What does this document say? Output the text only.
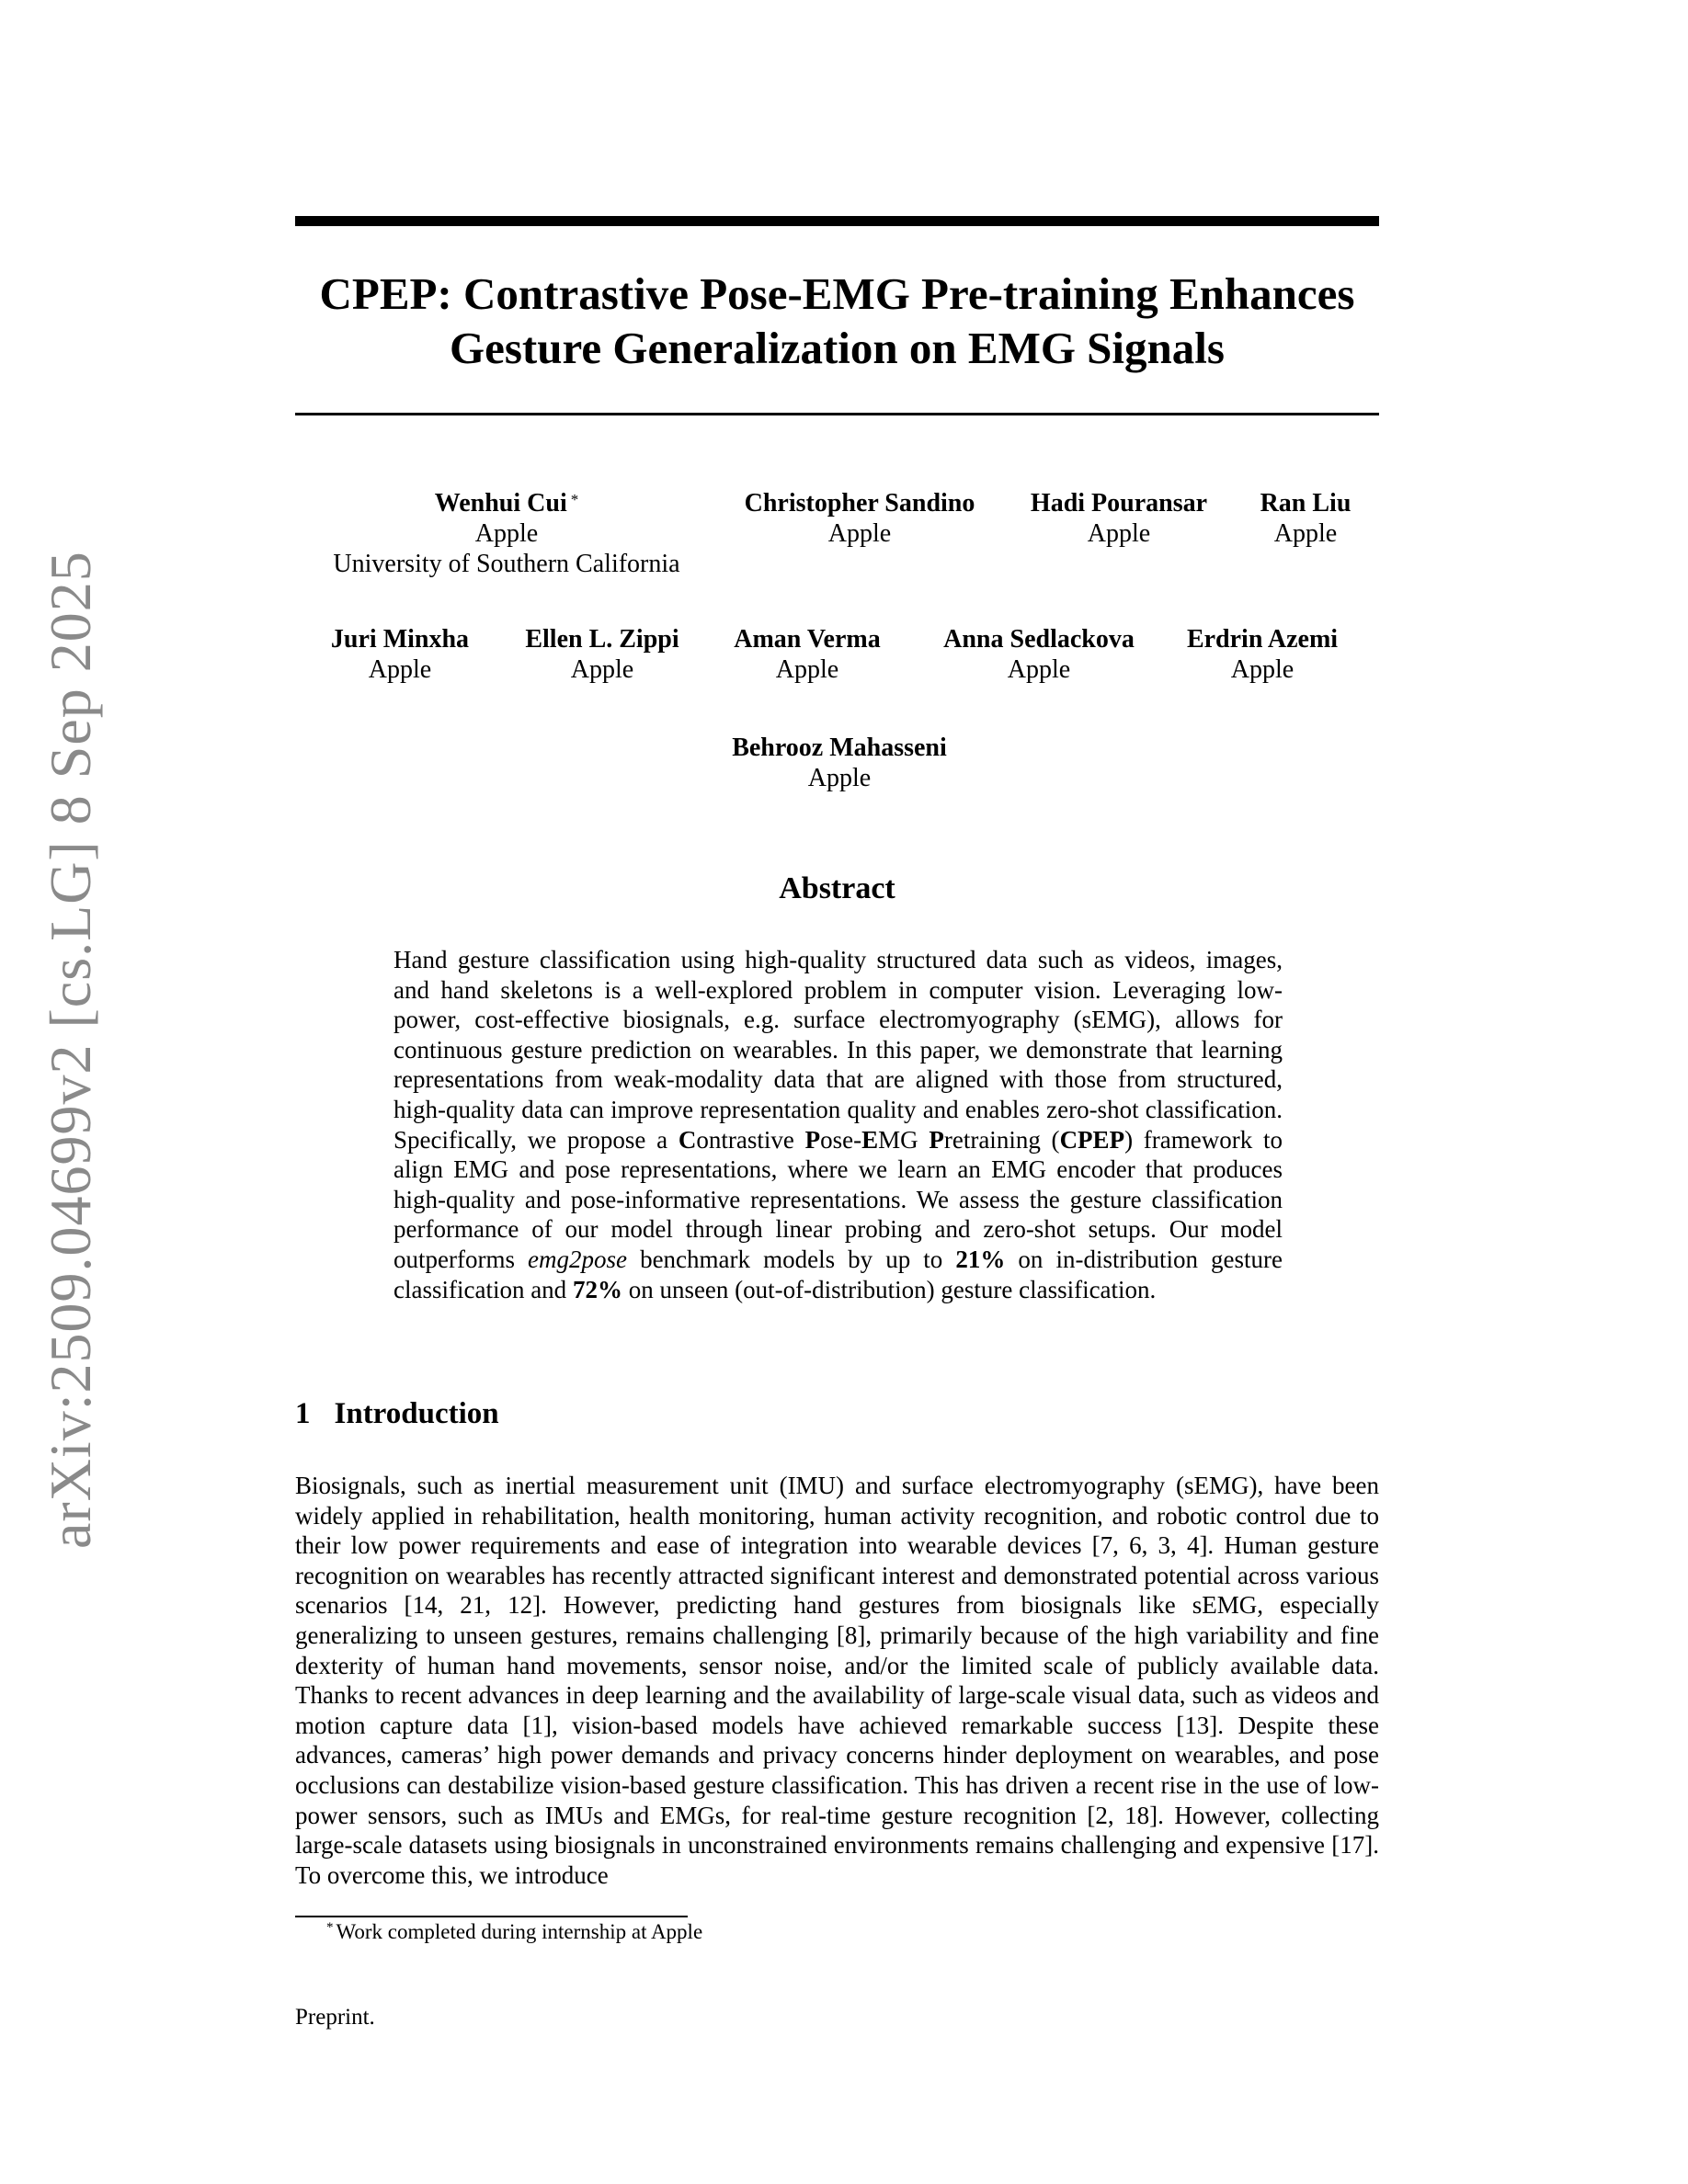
arXiv:2509.04699v2 [cs.LG] 8 Sep 2025
CPEP: Contrastive Pose-EMG Pre-training Enhances
Gesture Generalization on EMG Signals
Wenhui Cui *
Apple
University of Southern California
Christopher Sandino
Apple
Hadi Pouransar
Apple
Ran Liu
Apple
Juri Minxha
Apple
Ellen L. Zippi
Apple
Aman Verma
Apple
Anna Sedlackova
Apple
Erdrin Azemi
Apple
Behrooz Mahasseni
Apple
Abstract

Hand gesture classification using high-quality structured data such as videos, images, and hand skeletons is a well-explored problem in computer vision. Leveraging low-power, cost-effective biosignals, e.g. surface electromyography (sEMG), allows for continuous gesture prediction on wearables. In this paper, we demonstrate that learning representations from weak-modality data that are aligned with those from structured, high-quality data can improve representation quality and enables zero-shot classification. Specifically, we propose a Contrastive Pose-EMG Pretraining (CPEP) framework to align EMG and pose representations, where we learn an EMG encoder that produces high-quality and pose-informative representations. We assess the gesture classification performance of our model through linear probing and zero-shot setups. Our model outperforms emg2pose benchmark models by up to 21% on in-distribution gesture classification and 72% on unseen (out-of-distribution) gesture classification.

1 Introduction

Biosignals, such as inertial measurement unit (IMU) and surface electromyography (sEMG), have been widely applied in rehabilitation, health monitoring, human activity recognition, and robotic control due to their low power requirements and ease of integration into wearable devices [7, 6, 3, 4]. Human gesture recognition on wearables has recently attracted significant interest and demonstrated potential across various scenarios [14, 21, 12]. However, predicting hand gestures from biosignals like sEMG, especially generalizing to unseen gestures, remains challenging [8], primarily because of the high variability and fine dexterity of human hand movements, sensor noise, and/or the limited scale of publicly available data. Thanks to recent advances in deep learning and the availability of large-scale visual data, such as videos and motion capture data [1], vision-based models have achieved remarkable success [13]. Despite these advances, cameras’ high power demands and privacy concerns hinder deployment on wearables, and pose occlusions can destabilize vision-based gesture classification. This has driven a recent rise in the use of low-power sensors, such as IMUs and EMGs, for real-time gesture recognition [2, 18]. However, collecting large-scale datasets using biosignals in unconstrained environments remains challenging and expensive [17]. To overcome this, we introduce

* Work completed during internship at Apple
Preprint.
